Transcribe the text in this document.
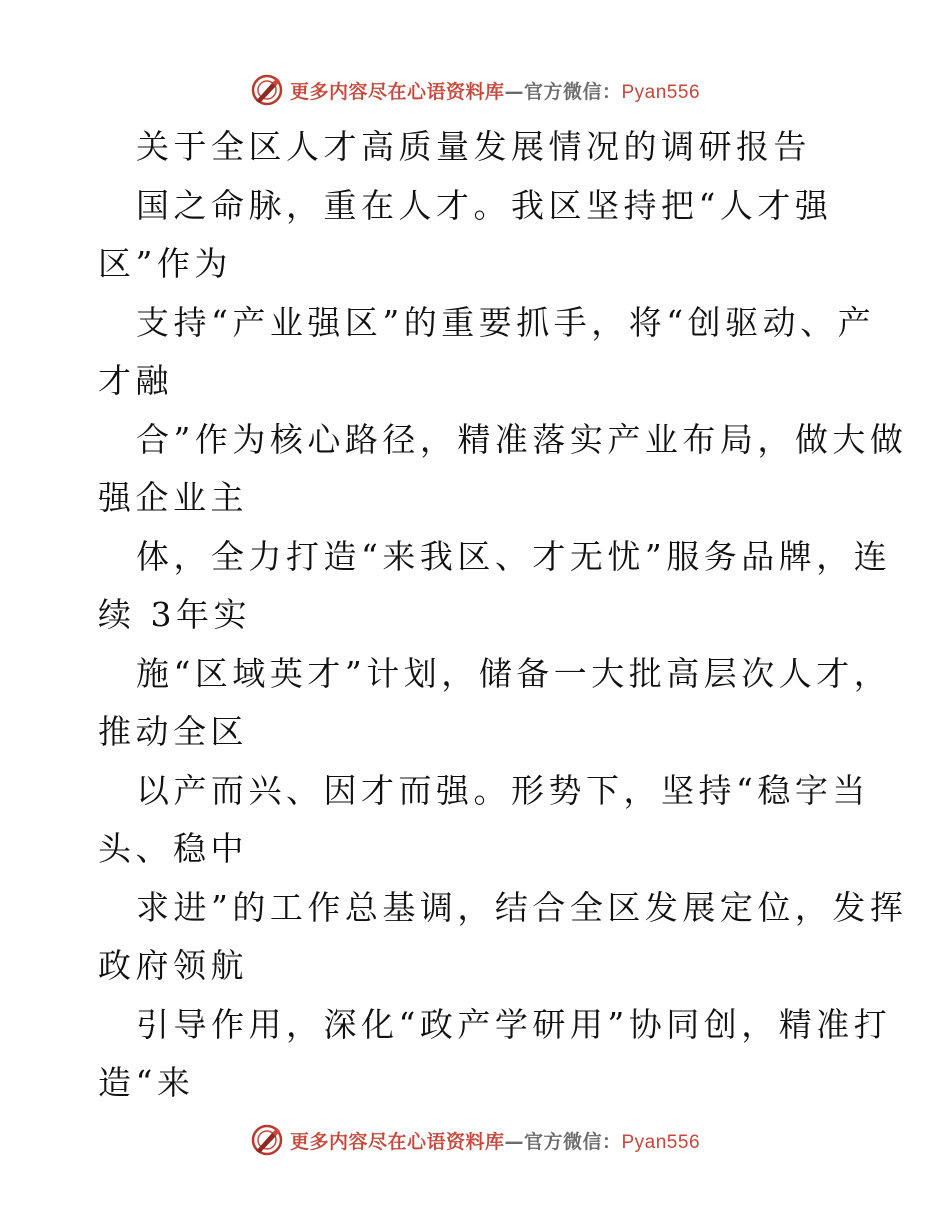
更多内容尽在心语资料库—官方微信：Pyan556
关于全区人才高质量发展情况的调研报告
国之命脉，重在人才。我区坚持把“人才强
区”作为
支持“产业强区”的重要抓手，将“创驱动、产
才融
合”作为核心路径，精准落实产业布局，做大做
强企业主
体，全力打造“来我区、才无忧”服务品牌，连
续 3年实
施“区域英才”计划，储备一大批高层次人才，
推动全区
以产而兴、因才而强。形势下，坚持“稳字当
头、稳中
求进”的工作总基调，结合全区发展定位，发挥
政府领航
引导作用，深化“政产学研用”协同创，精准打
造“来
更多内容尽在心语资料库—官方微信：Pyan556
